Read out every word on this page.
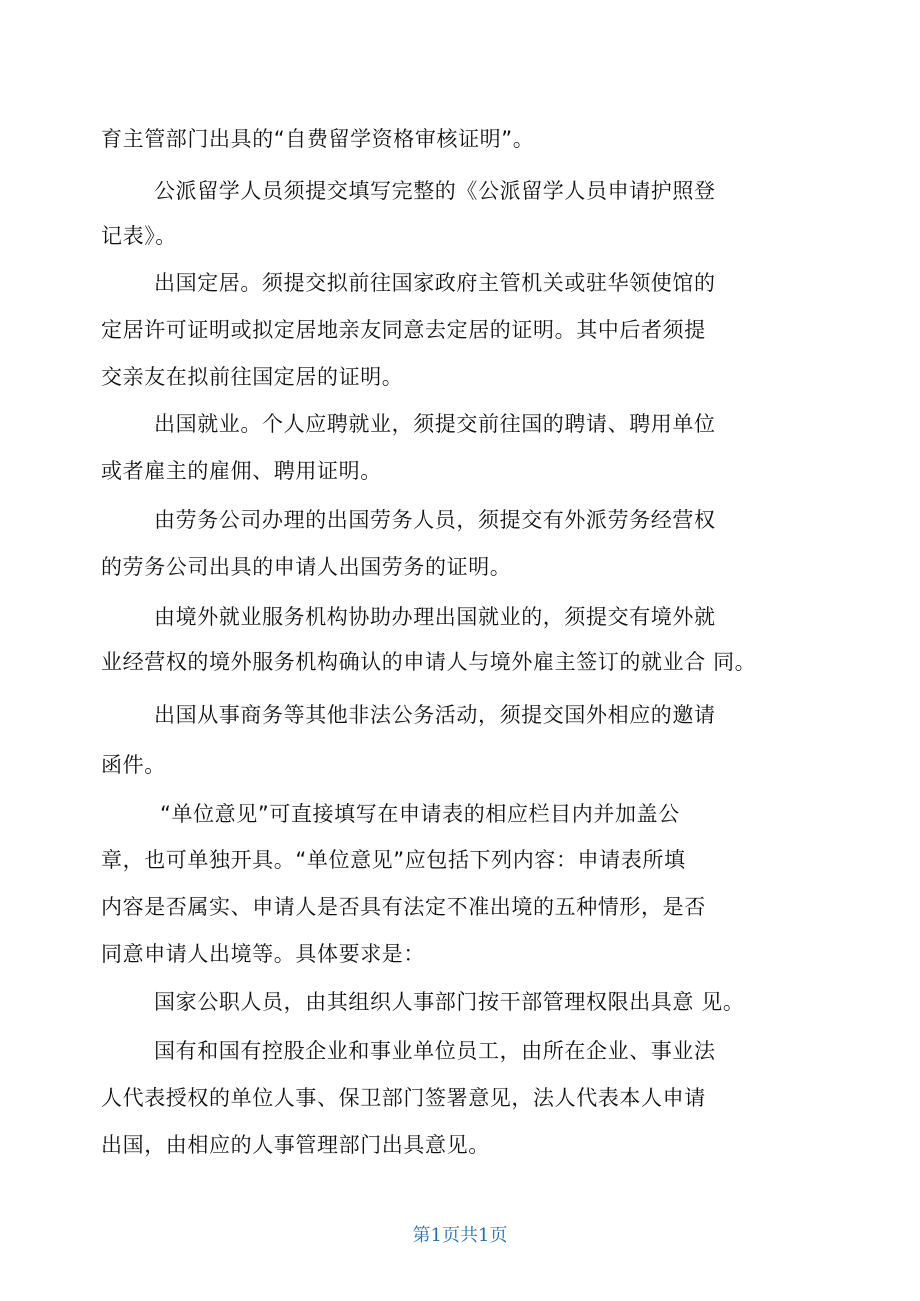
育主管部门出具的“自费留学资格审核证明”。
公派留学人员须提交填写完整的《公派留学人员申请护照登
记表》。
出国定居。须提交拟前往国家政府主管机关或驻华领使馆的
定居许可证明或拟定居地亲友同意去定居的证明。其中后者须提
交亲友在拟前往国定居的证明。
出国就业。个人应聘就业，须提交前往国的聘请、聘用单位
或者雇主的雇佣、聘用证明。
由劳务公司办理的出国劳务人员，须提交有外派劳务经营权
的劳务公司出具的申请人出国劳务的证明。
由境外就业服务机构协助办理出国就业的，须提交有境外就
业经营权的境外服务机构确认的申请人与境外雇主签订的就业合 同。
出国从事商务等其他非法公务活动，须提交国外相应的邀请
函件。
“单位意见”可直接填写在申请表的相应栏目内并加盖公
章，也可单独开具。“单位意见”应包括下列内容：申请表所填
内容是否属实、申请人是否具有法定不准出境的五种情形，是否
同意申请人出境等。具体要求是：
国家公职人员，由其组织人事部门按干部管理权限出具意 见。
国有和国有控股企业和事业单位员工，由所在企业、事业法
人代表授权的单位人事、保卫部门签署意见，法人代表本人申请
出国，由相应的人事管理部门出具意见。
第1页共1页
